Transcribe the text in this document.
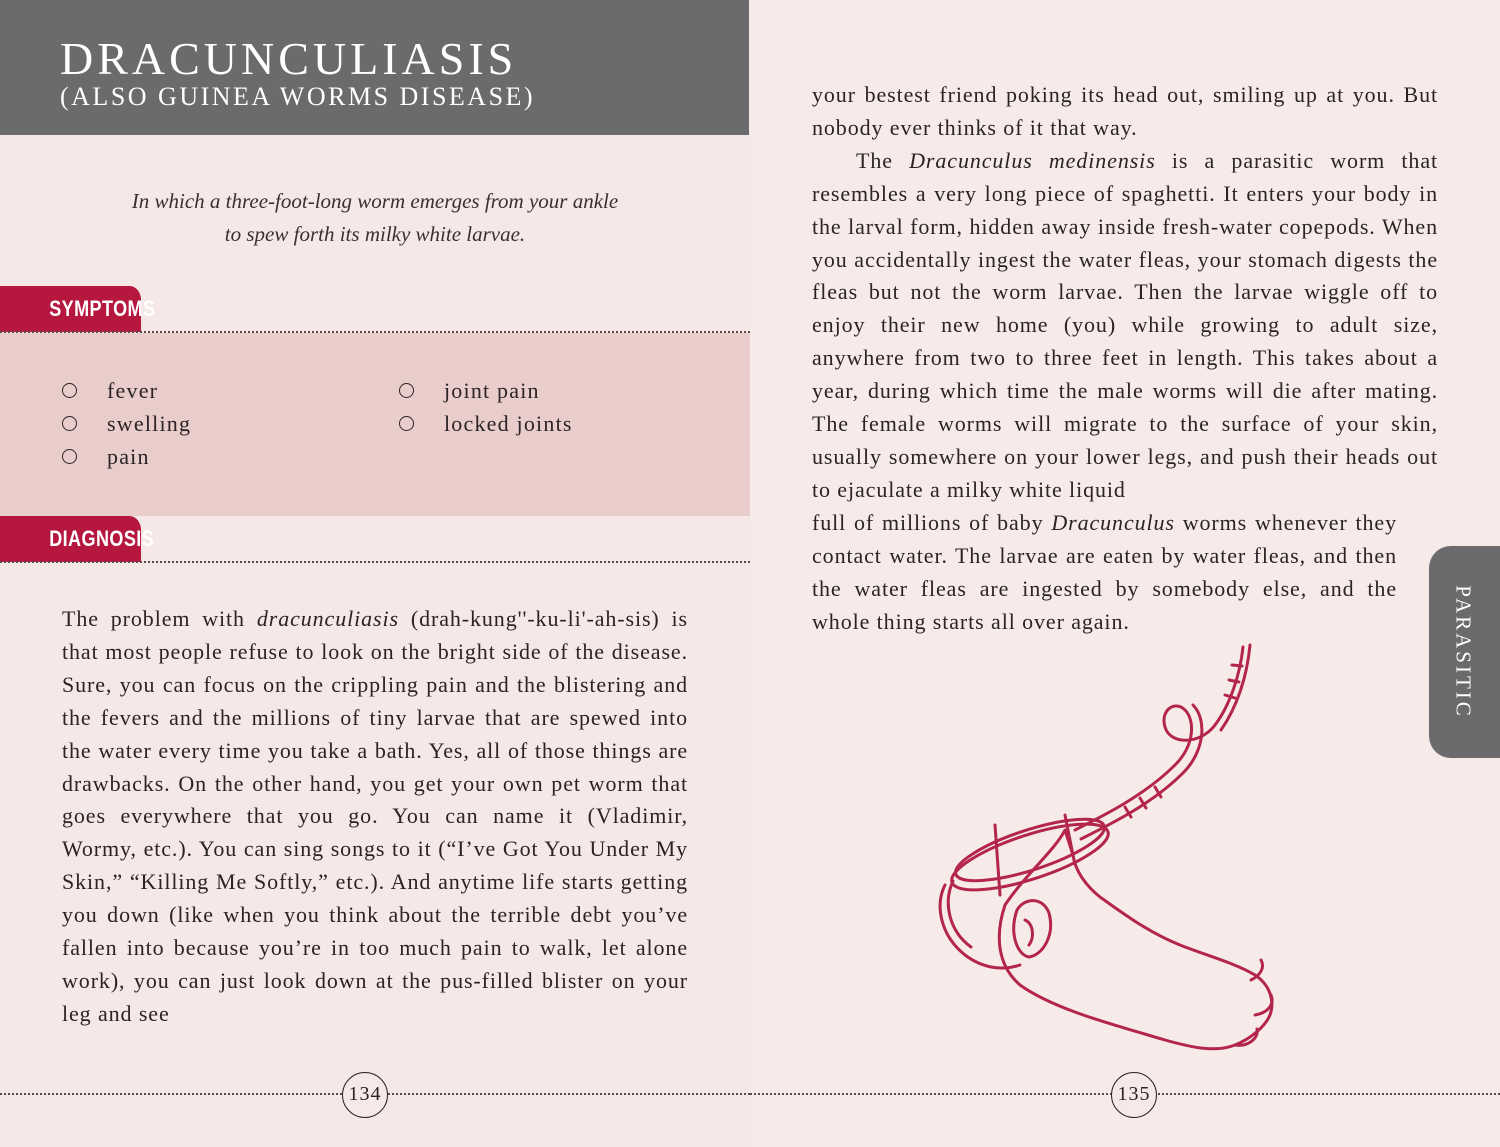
DRACUNCULIASIS
(ALSO GUINEA WORMS DISEASE)
In which a three-foot-long worm emerges from your ankle
to spew forth its milky white larvae.
SYMPTOMS
fever
swelling
pain
joint pain
locked joints
DIAGNOSIS

The problem with dracunculiasis (drah-kung''-ku-li'-ah-sis) is that most people refuse to look on the bright side of the disease. Sure, you can focus on the crippling pain and the blistering and the fevers and the millions of tiny larvae that are spewed into the water every time you take a bath. Yes, all of those things are drawbacks. On the other hand, you get your own pet worm that goes everywhere that you go. You can name it (Vladimir, Wormy, etc.). You can sing songs to it (“I’ve Got You Under My Skin,” “Killing Me Softly,” etc.). And anytime life starts getting you down (like when you think about the terrible debt you’ve fallen into because you’re in too much pain to walk, let alone work), you can just look down at the pus-filled blister on your leg and see

your bestest friend poking its head out, smiling up at you. But nobody ever thinks of it that way.

The Dracunculus medinensis is a parasitic worm that resembles a very long piece of spaghetti. It enters your body in the larval form, hidden away inside fresh-water copepods. When you accidentally ingest the water fleas, your stomach digests the fleas but not the worm larvae. Then the larvae wiggle off to enjoy their new home (you) while growing to adult size, anywhere from two to three feet in length. This takes about a year, during which time the male worms will die after mating. The female worms will migrate to the surface of your skin, usually somewhere on your lower legs, and push their heads out to ejaculate a milky white liquid

full of millions of baby Dracunculus worms whenever they contact water. The larvae are eaten by water fleas, and then the water fleas are ingested by somebody else, and the whole thing starts all over again.	PARASITIC
134	135
